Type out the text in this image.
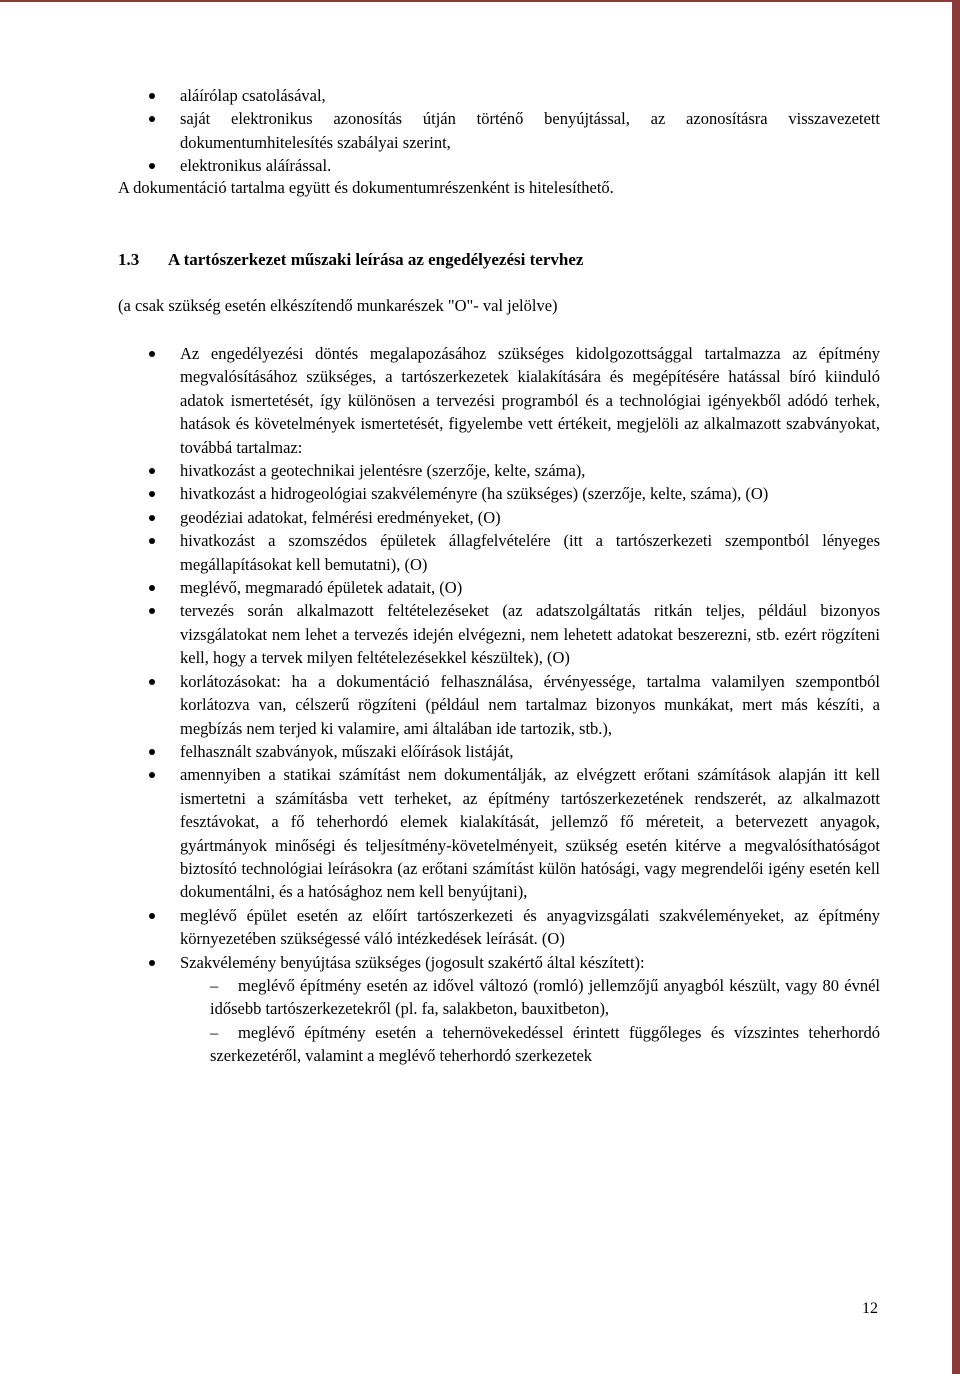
aláírólap csatolásával,
saját elektronikus azonosítás útján történő benyújtással, az azonosításra visszavezetett dokumentumhitelesítés szabályai szerint,
elektronikus aláírással.

A dokumentáció tartalma együtt és dokumentumrészenként is hitelesíthető.

1.3 A tartószerkezet műszaki leírása az engedélyezési tervhez

(a csak szükség esetén elkészítendő munkarészek "O"- val jelölve)

Az engedélyezési döntés megalapozásához szükséges kidolgozottsággal tartalmazza az építmény megvalósításához szükséges, a tartószerkezetek kialakítására és megépítésére hatással bíró kiinduló adatok ismertetését, így különösen a tervezési programból és a technológiai igényekből adódó terhek, hatások és követelmények ismertetését, figyelembe vett értékeit, megjelöli az alkalmazott szabványokat, továbbá tartalmaz:
hivatkozást a geotechnikai jelentésre (szerzője, kelte, száma),
hivatkozást a hidrogeológiai szakvéleményre (ha szükséges) (szerzője, kelte, száma), (O)
geodéziai adatokat, felmérési eredményeket, (O)
hivatkozást a szomszédos épületek állagfelvételére (itt a tartószerkezeti szempontból lényeges megállapításokat kell bemutatni), (O)
meglévő, megmaradó épületek adatait, (O)
tervezés során alkalmazott feltételezéseket (az adatszolgáltatás ritkán teljes, például bizonyos vizsgálatokat nem lehet a tervezés idején elvégezni, nem lehetett adatokat beszerezni, stb. ezért rögzíteni kell, hogy a tervek milyen feltételezésekkel készültek), (O)
korlátozásokat: ha a dokumentáció felhasználása, érvényessége, tartalma valamilyen szempontból korlátozva van, célszerű rögzíteni (például nem tartalmaz bizonyos munkákat, mert más készíti, a megbízás nem terjed ki valamire, ami általában ide tartozik, stb.),
felhasznált szabványok, műszaki előírások listáját,
amennyiben a statikai számítást nem dokumentálják, az elvégzett erőtani számítások alapján itt kell ismertetni a számításba vett terheket, az építmény tartószerkezetének rendszerét, az alkalmazott fesztávokat, a fő teherhordó elemek kialakítását, jellemző fő méreteit, a betervezett anyagok, gyártmányok minőségi és teljesítmény-követelményeit, szükség esetén kitérve a megvalósíthatóságot biztosító technológiai leírásokra (az erőtani számítást külön hatósági, vagy megrendelői igény esetén kell dokumentálni, és a hatósághoz nem kell benyújtani),
meglévő épület esetén az előírt tartószerkezeti és anyagvizsgálati szakvéleményeket, az építmény környezetében szükségessé váló intézkedések leírását. (O)
Szakvélemény benyújtása szükséges (jogosult szakértő által készített):
–	meglévő építmény esetén az idővel változó (romló) jellemzőjű anyagból készült, vagy 80 évnél idősebb tartószerkezetekről (pl. fa, salakbeton, bauxitbeton),
–	meglévő építmény esetén a tehernövekedéssel érintett függőleges és vízszintes teherhordó szerkezetéről, valamint a meglévő teherhordó szerkezetek
12
